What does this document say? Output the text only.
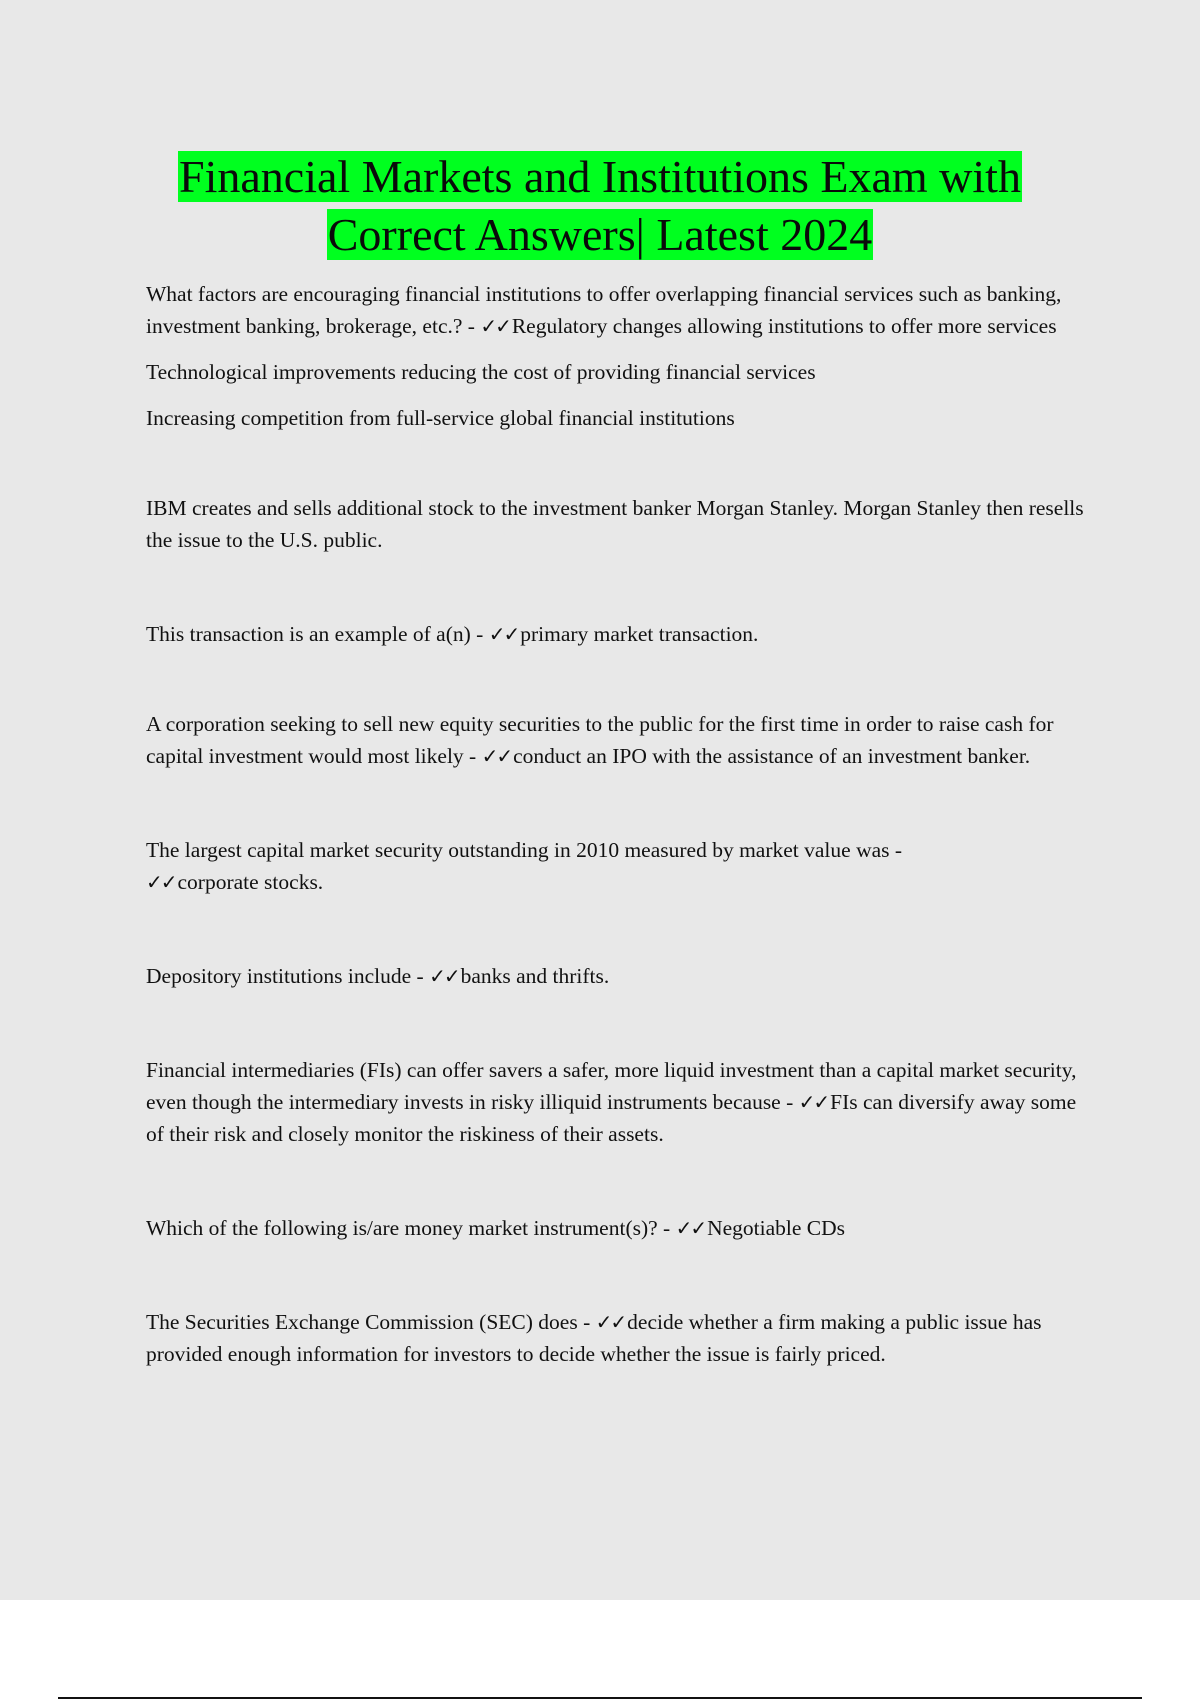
Financial Markets and Institutions Exam with
Correct Answers| Latest 2024

What factors are encouraging financial institutions to offer overlapping financial services such as banking, investment banking, brokerage, etc.? - ✓✓Regulatory changes allowing institutions to offer more services

Technological improvements reducing the cost of providing financial services

Increasing competition from full-service global financial institutions

IBM creates and sells additional stock to the investment banker Morgan Stanley. Morgan Stanley then resells the issue to the U.S. public.

This transaction is an example of a(n) - ✓✓primary market transaction.

A corporation seeking to sell new equity securities to the public for the first time in order to raise cash for capital investment would most likely - ✓✓conduct an IPO with the assistance of an investment banker.

The largest capital market security outstanding in 2010 measured by market value was -
✓✓corporate stocks.

Depository institutions include - ✓✓banks and thrifts.

Financial intermediaries (FIs) can offer savers a safer, more liquid investment than a capital market security, even though the intermediary invests in risky illiquid instruments because - ✓✓FIs can diversify away some of their risk and closely monitor the riskiness of their assets.

Which of the following is/are money market instrument(s)? - ✓✓Negotiable CDs

The Securities Exchange Commission (SEC) does - ✓✓decide whether a firm making a public issue has provided enough information for investors to decide whether the issue is fairly priced.
